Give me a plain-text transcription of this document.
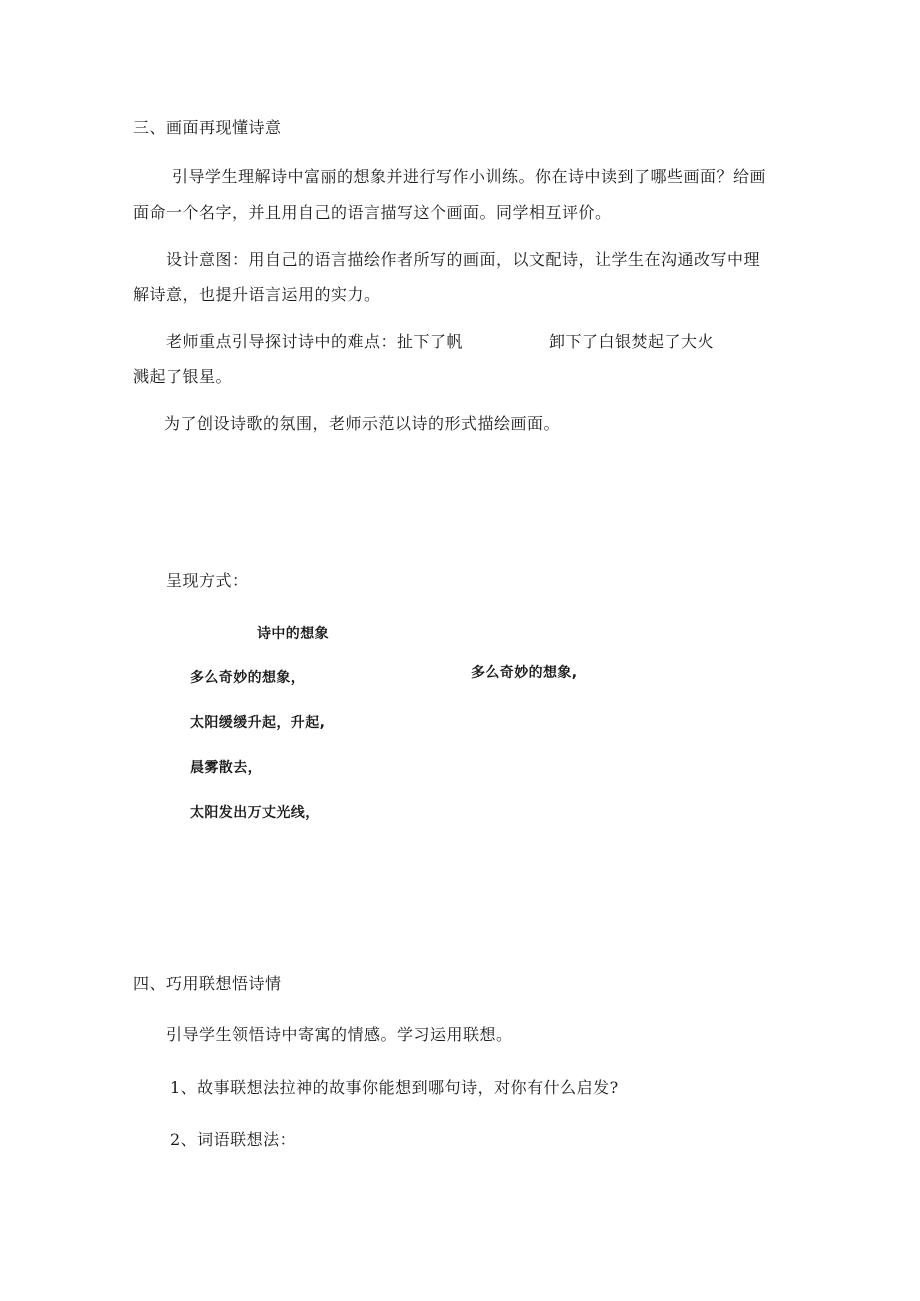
三、画面再现懂诗意
引导学生理解诗中富丽的想象并进行写作小训练。你在诗中读到了哪些画面？给画
面命一个名字，并且用自己的语言描写这个画面。同学相互评价。
设计意图：用自己的语言描绘作者所写的画面，以文配诗，让学生在沟通改写中理
解诗意，也提升语言运用的实力。
老师重点引导探讨诗中的难点：扯下了帆	卸下了白银焚起了大火
溅起了银星。
为了创设诗歌的氛围，老师示范以诗的形式描绘画面。
呈现方式：
诗中的想象
多么奇妙的想象，	多么奇妙的想象,
太阳缓缓升起，升起,
晨雾散去，
太阳发出万丈光线，
四、巧用联想悟诗情
引导学生领悟诗中寄寓的情感。学习运用联想。
1、故事联想法拉神的故事你能想到哪句诗，对你有什么启发?
2、词语联想法：
